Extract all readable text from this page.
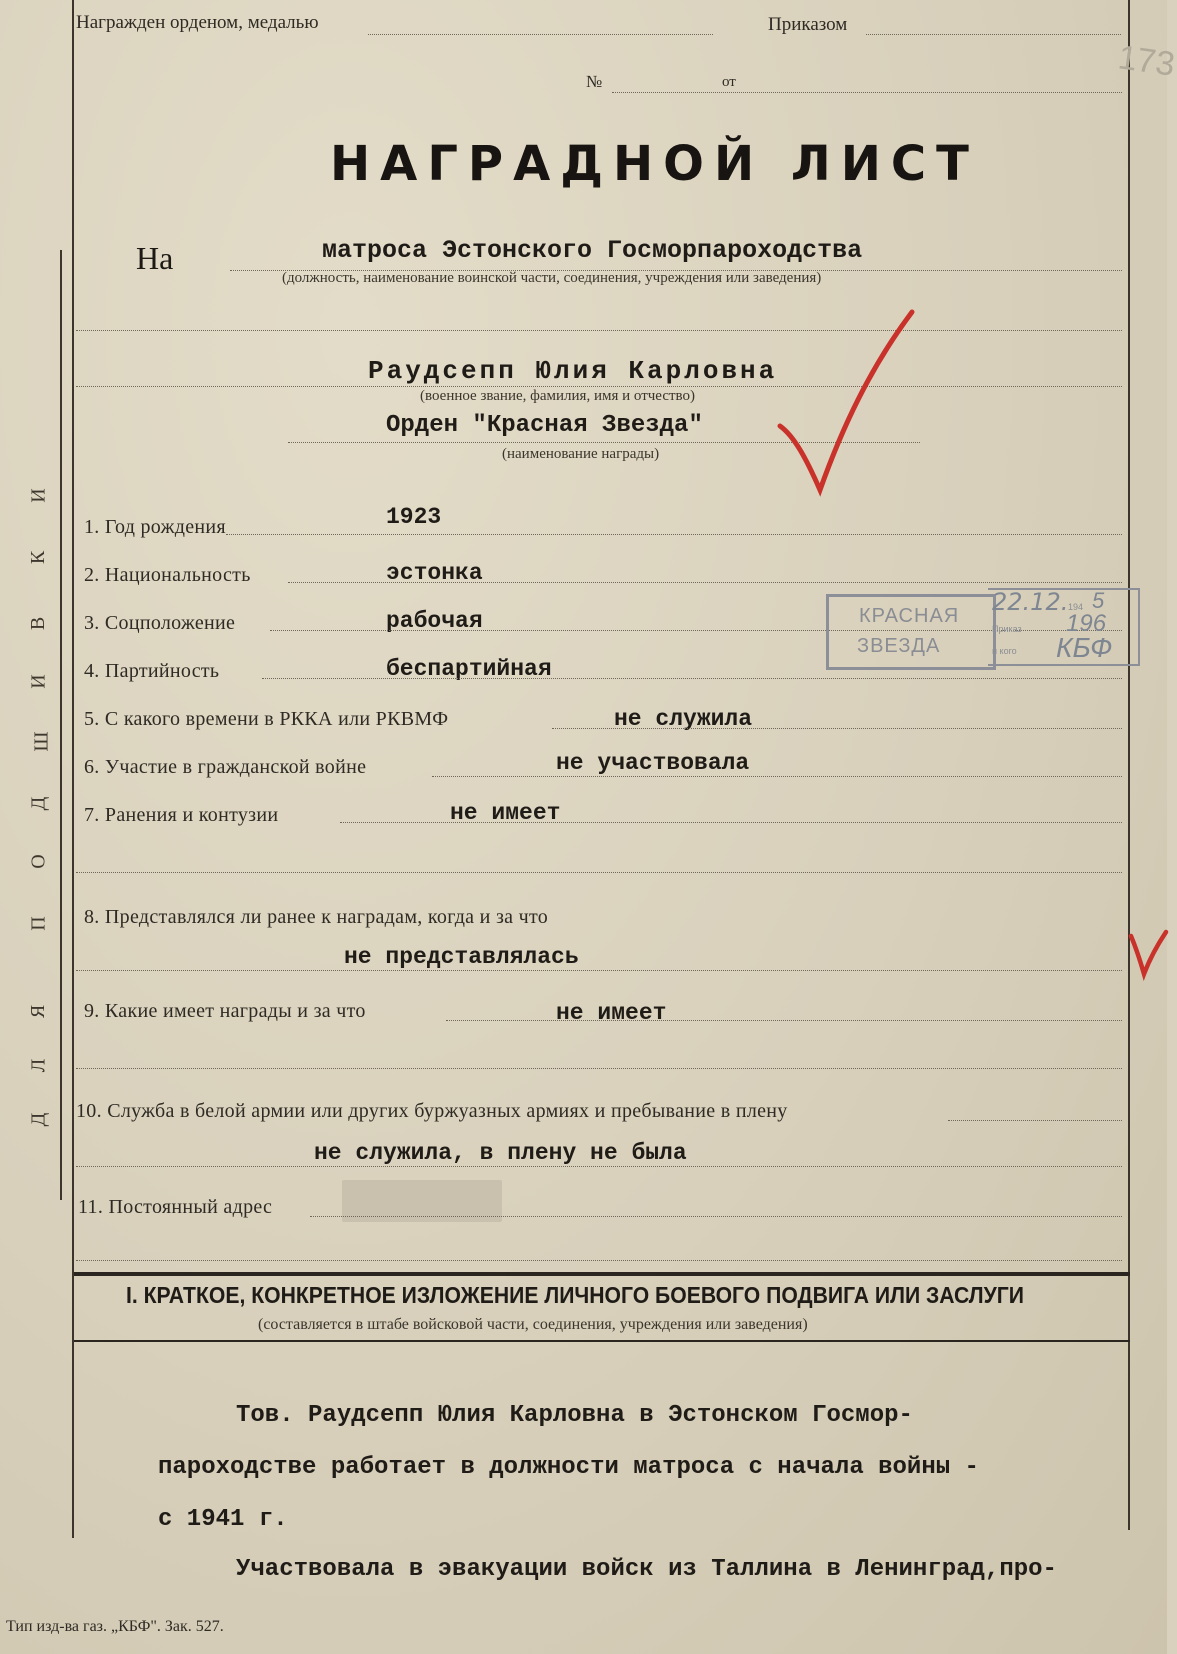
Награжден орденом, медалью	Приказом
№	от	173
НАГРАДНОЙ ЛИСТ
На	матроса Эстонского Госморпароходства
(должность, наименование воинской части, соединения, учреждения или заведения)
Раудсепп Юлия Карловна
(военное звание, фамилия, имя и отчество)
Орден "Красная Звезда"
(наименование награды)
1. Год рождения	1923
2. Национальность	эстонка
3. Соцположение	рабочая
4. Партийность	беспартийная
5. С какого времени в РККА или РКВМФ	не служила
6. Участие в гражданской войне	не участвовала
7. Ранения и контузии	не имеет
КРАСНАЯ
ЗВЕЗДА
22.12. 194 5
Приказ 196
и кого КБФ
8. Представлялся ли ранее к наградам, когда и за что
не представлялась
9. Какие имеет награды и за что	не имеет
10. Служба в белой армии или других буржуазных армиях и пребывание в плену
не служила, в плену не была
11. Постоянный адрес
I. КРАТКОЕ, КОНКРЕТНОЕ ИЗЛОЖЕНИЕ ЛИЧНОГО БОЕВОГО ПОДВИГА ИЛИ ЗАСЛУГИ
(составляется в штабе войсковой части, соединения, учреждения или заведения)
Тов. Раудсепп Юлия Карловна в Эстонском Госмор-
пароходстве работает в должности матроса с начала войны -
с 1941 г.
Участвовала в эвакуации войск из Таллина в Ленинград,про-
Тип изд-ва газ. „КБФ". Зак. 527.
Д
Л
Я
П
О
Д
Ш
И
В
К
И
